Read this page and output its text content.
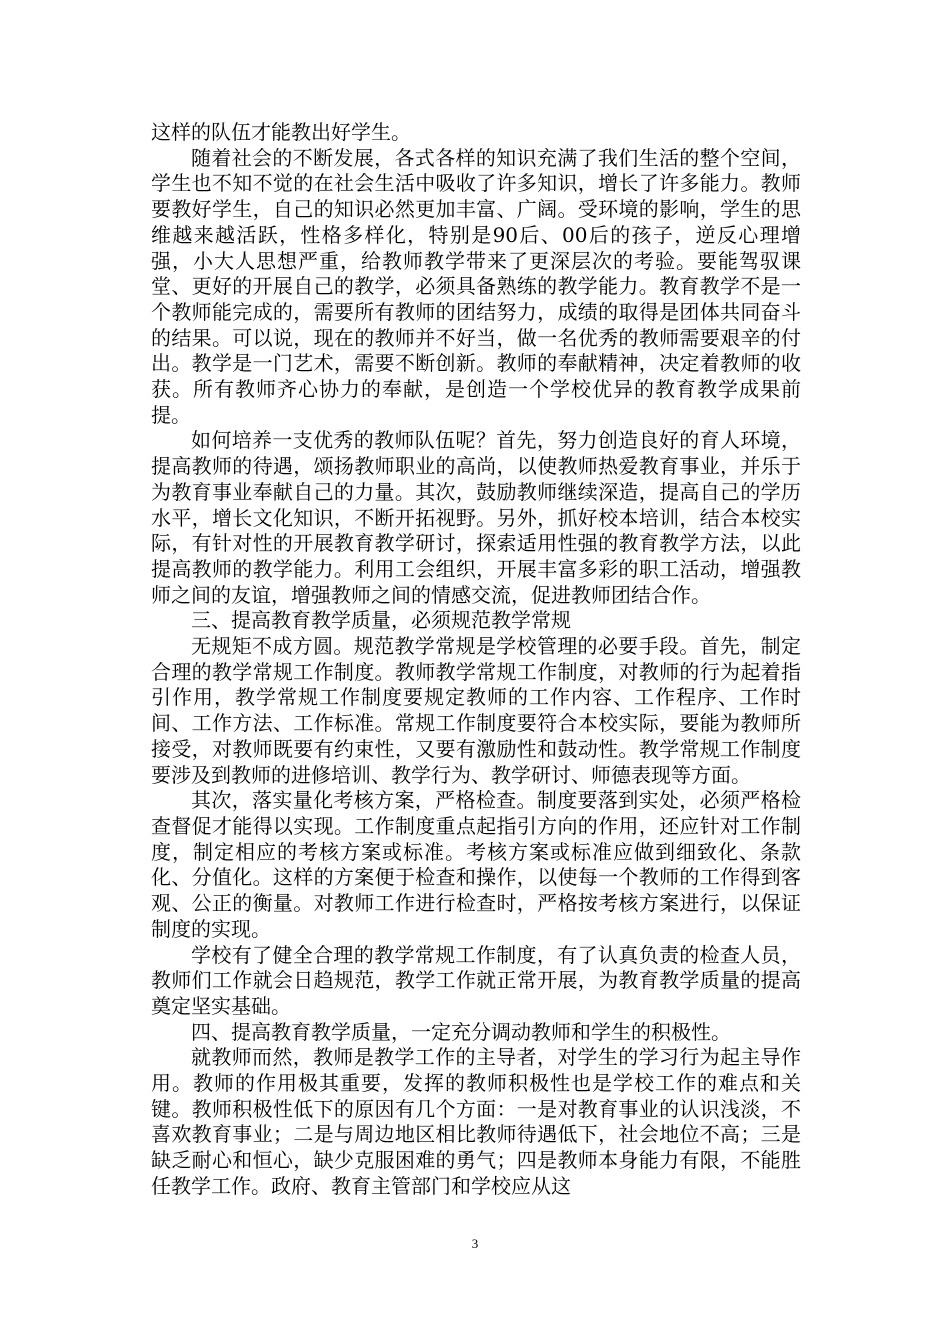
这样的队伍才能教出好学生。

随着社会的不断发展，各式各样的知识充满了我们生活的整个空间，学生也不知不觉的在社会生活中吸收了许多知识，增长了许多能力。教师要教好学生，自己的知识必然更加丰富、广阔。受环境的影响，学生的思维越来越活跃，性格多样化，特别是90后、00后的孩子，逆反心理增强，小大人思想严重，给教师教学带来了更深层次的考验。要能驾驭课堂、更好的开展自己的教学，必须具备熟练的教学能力。教育教学不是一个教师能完成的，需要所有教师的团结努力，成绩的取得是团体共同奋斗的结果。可以说，现在的教师并不好当，做一名优秀的教师需要艰辛的付出。教学是一门艺术，需要不断创新。教师的奉献精神，决定着教师的收获。所有教师齐心协力的奉献，是创造一个学校优异的教育教学成果前提。

如何培养一支优秀的教师队伍呢？首先，努力创造良好的育人环境，提高教师的待遇，颂扬教师职业的高尚，以使教师热爱教育事业，并乐于为教育事业奉献自己的力量。其次，鼓励教师继续深造，提高自己的学历水平，增长文化知识，不断开拓视野。另外，抓好校本培训，结合本校实际，有针对性的开展教育教学研讨，探索适用性强的教育教学方法，以此提高教师的教学能力。利用工会组织，开展丰富多彩的职工活动，增强教师之间的友谊，增强教师之间的情感交流，促进教师团结合作。

三、提高教育教学质量，必须规范教学常规

无规矩不成方圆。规范教学常规是学校管理的必要手段。首先，制定合理的教学常规工作制度。教师教学常规工作制度，对教师的行为起着指引作用，教学常规工作制度要规定教师的工作内容、工作程序、工作时间、工作方法、工作标准。常规工作制度要符合本校实际，要能为教师所接受，对教师既要有约束性，又要有激励性和鼓动性。教学常规工作制度要涉及到教师的进修培训、教学行为、教学研讨、师德表现等方面。

其次，落实量化考核方案，严格检查。制度要落到实处，必须严格检查督促才能得以实现。工作制度重点起指引方向的作用，还应针对工作制度，制定相应的考核方案或标准。考核方案或标准应做到细致化、条款化、分值化。这样的方案便于检查和操作，以使每一个教师的工作得到客观、公正的衡量。对教师工作进行检查时，严格按考核方案进行，以保证制度的实现。

学校有了健全合理的教学常规工作制度，有了认真负责的检查人员，教师们工作就会日趋规范，教学工作就正常开展，为教育教学质量的提高奠定坚实基础。

四、提高教育教学质量，一定充分调动教师和学生的积极性。

就教师而然，教师是教学工作的主导者，对学生的学习行为起主导作用。教师的作用极其重要，发挥的教师积极性也是学校工作的难点和关键。教师积极性低下的原因有几个方面：一是对教育事业的认识浅淡，不喜欢教育事业；二是与周边地区相比教师待遇低下，社会地位不高；三是缺乏耐心和恒心，缺少克服困难的勇气；四是教师本身能力有限，不能胜任教学工作。政府、教育主管部门和学校应从这

3
